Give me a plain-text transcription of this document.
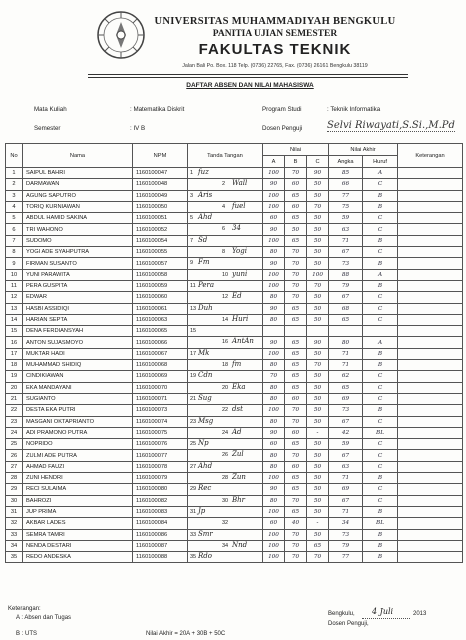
UNIVERSITAS MUHAMMADIYAH BENGKULU
PANITIA UJIAN SEMESTER
FAKULTAS TEKNIK
Jalan Bali Po. Box. 118 Telp. (0736) 22765, Fax. (0736) 26161 Bengkulu 38119
DAFTAR ABSEN DAN NILAI MAHASISWA
Mata Kuliah	: Matematika Diskrit
Semester	: IV B
Program Studi	: Teknik Informatika
Dosen Penguji Selvi Riwayati,S.Si.,M.Pd
No	Nama	NPM	Tanda Tangan	Nilai			Nilai Akhir		Keterangan
				A	B	C	Angka	Huruf	
1	SAIPUL BAHRI	1160100047	1 fuz	100	70	90	85	A	
2	DARMAWAN	1160100048	2 Wall	90	60	50	66	C	
3	AGUNG SAPUTRO	1160100049	3 Aris	100	65	50	77	B	
4	TORIQ KURNIAWAN	1160100050	4 fuel	100	60	70	75	B	
5	ABDUL HAMID SAKINA	1160100051	5 Ahd	60	65	50	59	C	
6	TRI WAHONO	1160100052	6 34	90	50	50	63	C	
7	SUDOMO	1160100054	7 Sd	100	65	50	71	B	
8	YOGI ADE SYAHPUTRA	1160100055	8 Yogi	80	70	50	67	C	
9	FIRMAN SUSANTO	1160100057	9 Fm	90	70	50	73	B	
10	YUNI PARAWITA	1160100058	10 yuni	100	70	100	88	A	
11	PERA GUSPITA	1160100059	11 Pera	100	70	70	79	B	
12	EDWAR	1160100060	12 Ed	80	70	50	67	C	
13	HASBI ASSIDIQI	1160100061	13 Duh	90	65	50	68	C	
14	HARIAN SEPTA	1160100063	14 Huri	80	65	50	65	C	
15	DENA FERDIANSYAH	1160100065	15						

16	ANTON SUJASMOYO	1160100066	16 AntAn	90	65	90	80	A	
17	MUKTAR HADI	1160100067	17 Mk	100	65	50	71	B	
18	MUHAMMAD SHIDIQ	1160100068	18 fm	80	65	70	71	B	
19	CINDIKIAWAN	1160100069	19 Cdn	70	65	50	62	C	
20	EKA MANDAYANI	1160100070	20 Eka	80	65	50	65	C	
21	SUGIANTO	1160100071	21 Sug	80	60	50	69	C	
22	DESTA EKA PUTRI	1160100073	22 dst	100	70	50	73	B	
23	MASGANI OKTAPRIANTO	1160100074	23 Msg	80	70	50	67	C	
24	ADI PRAMONO PUTRA	1160100075	24 Ad	90	60	-	42	BL	
25	NOPRIDO	1160100076	25 Np	60	65	50	59	C	
26	ZULMI ADE PUTRA	1160100077	26 Zul	80	70	50	67	C	
27	AHMAD FAUZI	1160100078	27 Ahd	80	60	50	63	C	
28	ZUNI HENDRI	1160100079	28 Zun	100	65	50	71	B	
29	RECI SULAIMA	1160100080	29 Rec	90	65	50	69	C	
30	BAHROZI	1160100082	30 Bhr	80	70	50	67	C	
31	JUP PRIMA	1160100083	31 Jp	100	65	50	71	B	
32	AKBAR LADES	1160100084	32	60	40	-	34	BL	
33	SEMRA TAMRI	1160100086	33 Smr	100	70	50	73	B	
34	NENDA DESTARI	1160100087	34 Nnd	100	70	65	79	B	
35	REDO ANDESKA	1160100088	35 Rdo	100	70	70	77	B	
Keterangan:
A : Absen dan Tugas
B : UTS	Nilai Akhir = 20A + 30B + 50C
Bengkulu, 4 Juli	2013
Dosen Penguji,
